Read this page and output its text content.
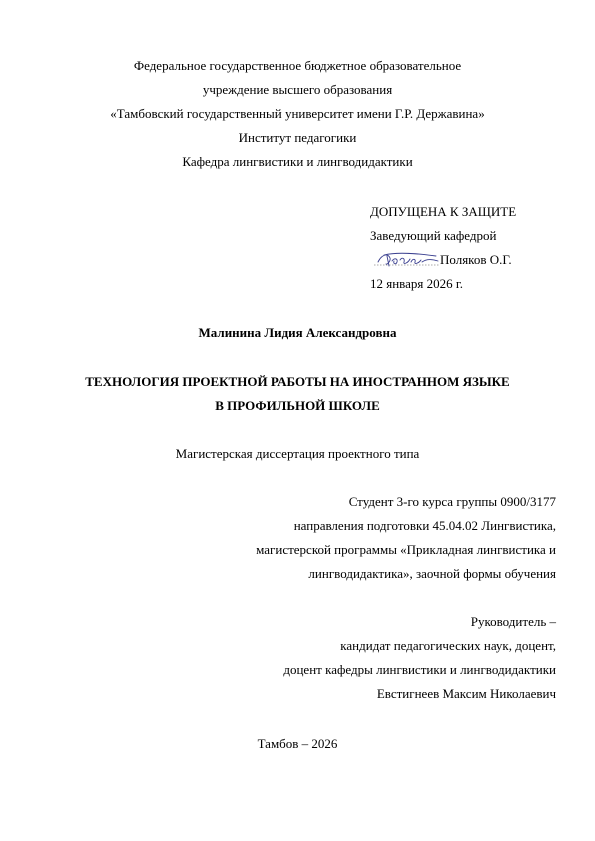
Федеральное государственное бюджетное образовательное
учреждение высшего образования
«Тамбовский государственный университет имени Г.Р. Державина»
Институт педагогики
Кафедра лингвистики и лингводидактики
ДОПУЩЕНА К ЗАЩИТЕ
Заведующий кафедрой
Поляков О.Г.
12 января 2026 г.
Малинина Лидия Александровна
ТЕХНОЛОГИЯ ПРОЕКТНОЙ РАБОТЫ НА ИНОСТРАННОМ ЯЗЫКЕ
В ПРОФИЛЬНОЙ ШКОЛЕ
Магистерская диссертация проектного типа
Студент 3-го курса группы 0900/3177
направления подготовки 45.04.02 Лингвистика,
магистерской программы «Прикладная лингвистика и
лингводидактика», заочной формы обучения
Руководитель –
кандидат педагогических наук, доцент,
доцент кафедры лингвистики и лингводидактики
Евстигнеев Максим Николаевич
Тамбов – 2026
